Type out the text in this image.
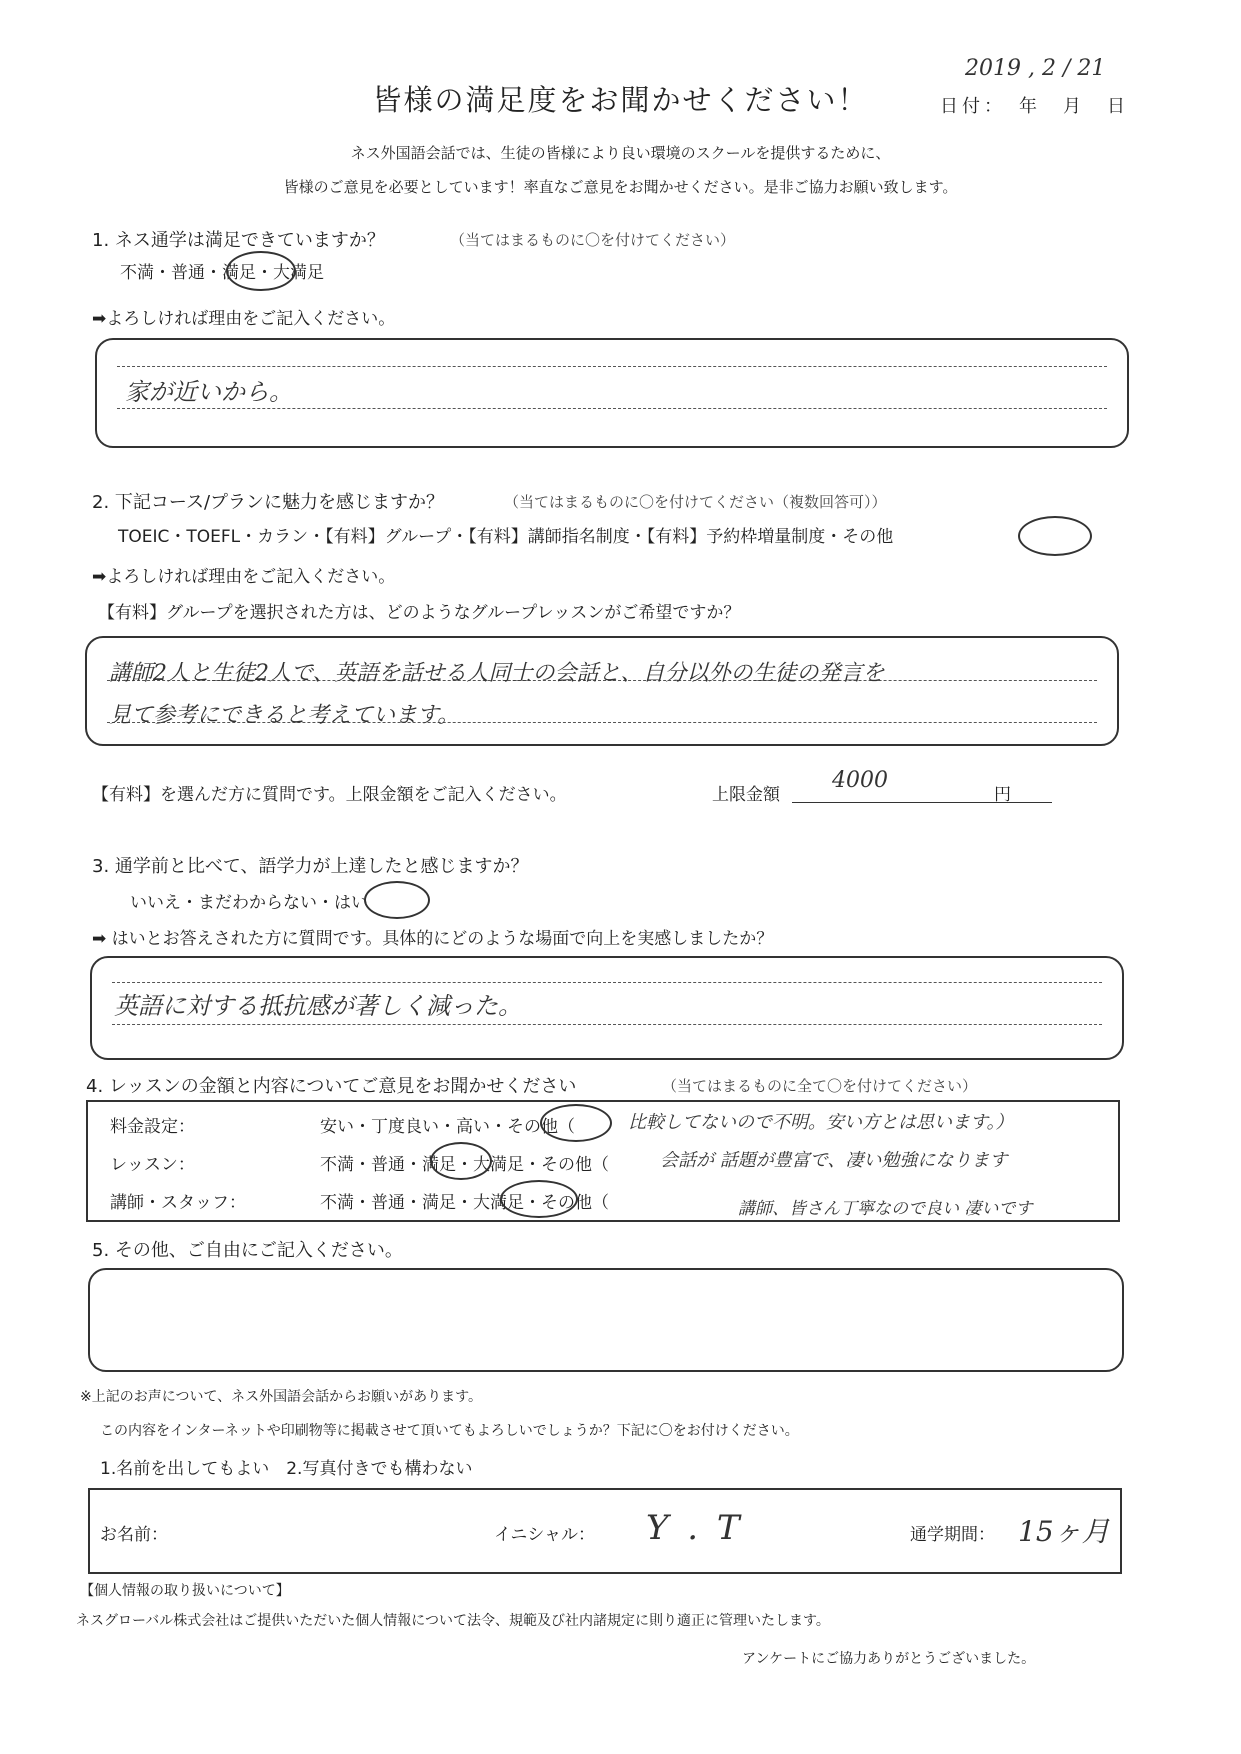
皆様の満足度をお聞かせください！
2019 , 2 / 21
日付：　年　月　日
ネス外国語会話では、生徒の皆様により良い環境のスクールを提供するために、
皆様のご意見を必要としています！率直なご意見をお聞かせください。是非ご協力お願い致します。
1. ネス通学は満足できていますか？	（当てはまるものに〇を付けてください）
不満・普通・満足・大満足
➡よろしければ理由をご記入ください。
家が近いから。
2. 下記コース/プランに魅力を感じますか？	（当てはまるものに〇を付けてください（複数回答可））
TOEIC・TOEFL・カラン・【有料】グループ・【有料】講師指名制度・【有料】予約枠増量制度・その他
➡よろしければ理由をご記入ください。
【有料】グループを選択された方は、どのようなグループレッスンがご希望ですか？
講師2人と生徒2人で、英語を話せる人同士の会話と、自分以外の生徒の発言を
見て参考にできると考えています。
【有料】を選んだ方に質問です。上限金額をご記入ください。	上限金額
4000
円
3. 通学前と比べて、語学力が上達したと感じますか？
いいえ・まだわからない・はい
➡ はいとお答えされた方に質問です。具体的にどのような場面で向上を実感しましたか？
英語に対する抵抗感が著しく減った。
4. レッスンの金額と内容についてご意見をお聞かせください	（当てはまるものに全て〇を付けてください）
料金設定：	安い・丁度良い・高い・その他（	比較してないので不明。安い方とは思います。）
レッスン：	不満・普通・満足・大満足・その他（	会話が 話題が豊富で、凄い勉強になります
講師・スタッフ：	不満・普通・満足・大満足・その他（	講師、皆さん丁寧なので良い 凄いです
5. その他、ご自由にご記入ください。
※上記のお声について、ネス外国語会話からお願いがあります。
この内容をインターネットや印刷物等に掲載させて頂いてもよろしいでしょうか？下記に〇をお付けください。
1.名前を出してもよい　2.写真付きでも構わない
お名前：	イニシャル： Y . T	通学期間： 15ヶ月
【個人情報の取り扱いについて】
ネスグローバル株式会社はご提供いただいた個人情報について法令、規範及び社内諸規定に則り適正に管理いたします。
アンケートにご協力ありがとうございました。
